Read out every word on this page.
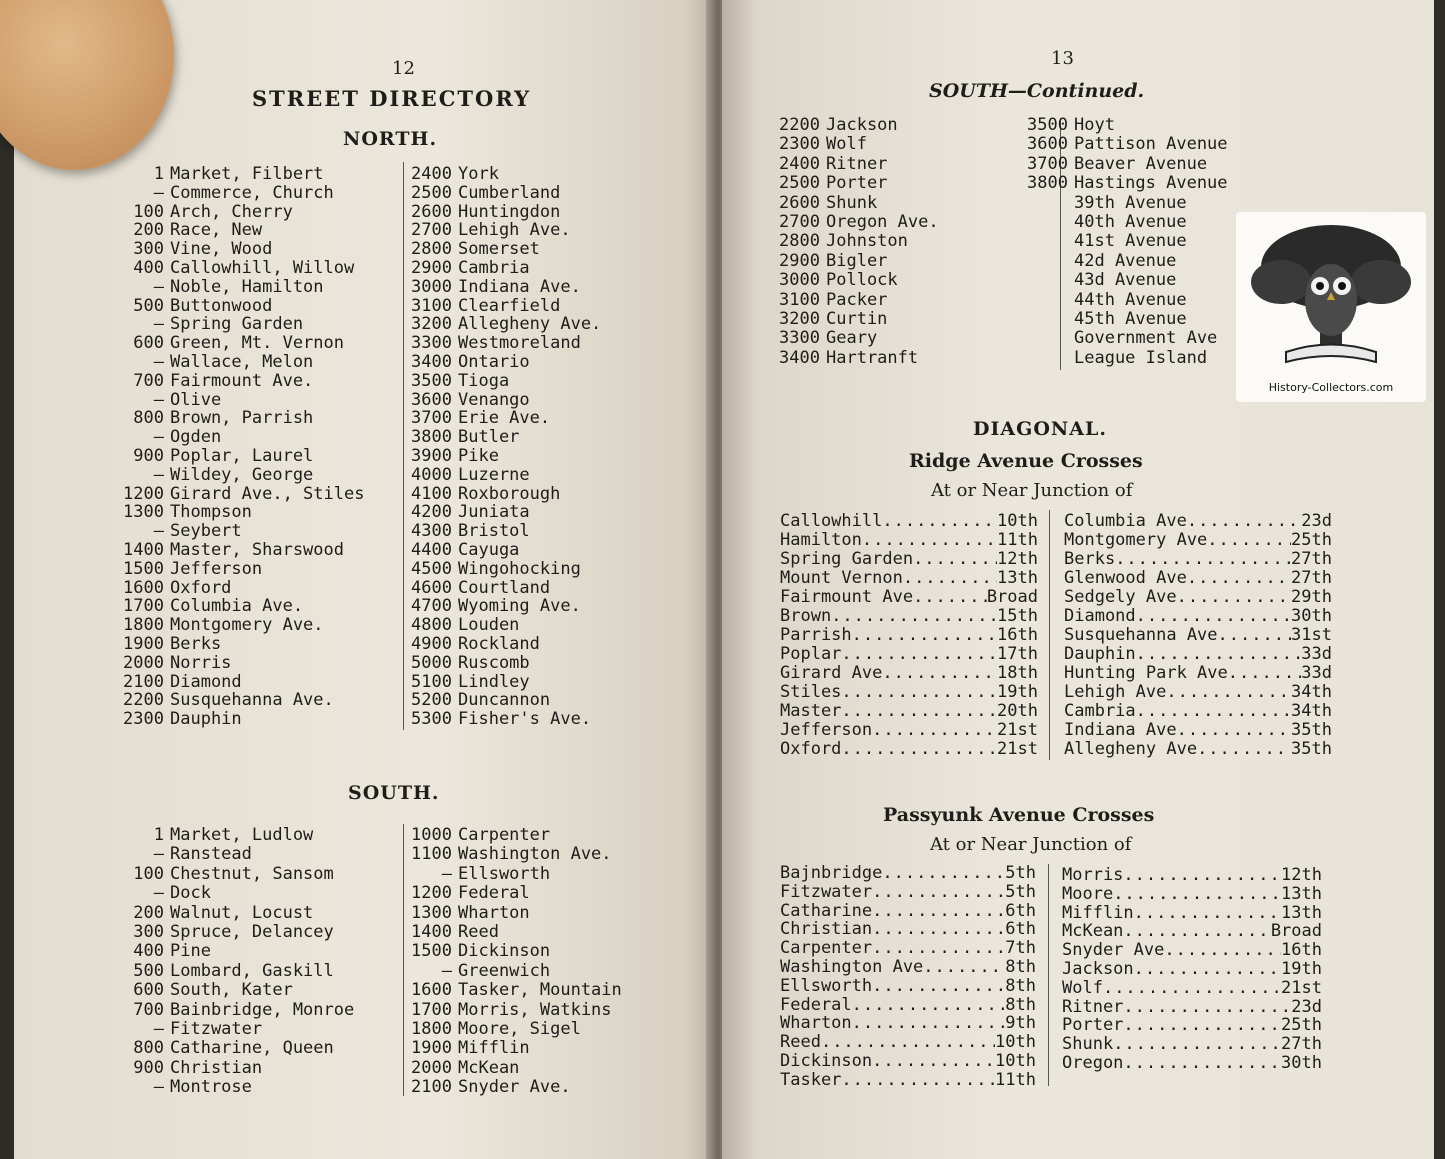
12
STREET DIRECTORY
NORTH.
1 Market, Filbert
— Commerce, Church
100 Arch, Cherry
200 Race, New
300 Vine, Wood
400 Callowhill, Willow
— Noble, Hamilton
500 Buttonwood
— Spring Garden
600 Green, Mt. Vernon
— Wallace, Melon
700 Fairmount Ave.
— Olive
800 Brown, Parrish
— Ogden
900 Poplar, Laurel
— Wildey, George
1200 Girard Ave., Stiles
1300 Thompson
— Seybert
1400 Master, Sharswood
1500 Jefferson
1600 Oxford
1700 Columbia Ave.
1800 Montgomery Ave.
1900 Berks
2000 Norris
2100 Diamond
2200 Susquehanna Ave.
2300 Dauphin
2400 York
2500 Cumberland
2600 Huntingdon
2700 Lehigh Ave.
2800 Somerset
2900 Cambria
3000 Indiana Ave.
3100 Clearfield
3200 Allegheny Ave.
3300 Westmoreland
3400 Ontario
3500 Tioga
3600 Venango
3700 Erie Ave.
3800 Butler
3900 Pike
4000 Luzerne
4100 Roxborough
4200 Juniata
4300 Bristol
4400 Cayuga
4500 Wingohocking
4600 Courtland
4700 Wyoming Ave.
4800 Louden
4900 Rockland
5000 Ruscomb
5100 Lindley
5200 Duncannon
5300 Fisher's Ave.
SOUTH.
1 Market, Ludlow
— Ranstead
100 Chestnut, Sansom
— Dock
200 Walnut, Locust
300 Spruce, Delancey
400 Pine
500 Lombard, Gaskill
600 South, Kater
700 Bainbridge, Monroe
— Fitzwater
800 Catharine, Queen
900 Christian
— Montrose
1000 Carpenter
1100 Washington Ave.
— Ellsworth
1200 Federal
1300 Wharton
1400 Reed
1500 Dickinson
— Greenwich
1600 Tasker, Mountain
1700 Morris, Watkins
1800 Moore, Sigel
1900 Mifflin
2000 McKean
2100 Snyder Ave.
13
SOUTH—Continued.
2200 Jackson
2300 Wolf
2400 Ritner
2500 Porter
2600 Shunk
2700 Oregon Ave.
2800 Johnston
2900 Bigler
3000 Pollock
3100 Packer
3200 Curtin
3300 Geary
3400 Hartranft
3500 Hoyt
3600 Pattison Avenue
3700 Beaver Avenue
3800 Hastings Avenue
39th Avenue
40th Avenue
41st Avenue
42d Avenue
43d Avenue
44th Avenue
45th Avenue
Government Ave
League Island
DIAGONAL.
Ridge Avenue Crosses
At or Near Junction of
Callowhill .....	10th
Hamilton .....	11th
Spring Garden .....	12th
Mount Vernon .....	13th
Fairmount Ave .....	Broad
Brown .....	15th
Parrish .....	16th
Poplar .....	17th
Girard Ave .....	18th
Stiles .....	19th
Master .....	20th
Jefferson .....	21st
Oxford .....	21st
Columbia Ave .....	23d
Montgomery Ave .....	25th
Berks .....	27th
Glenwood Ave .....	27th
Sedgely Ave .....	29th
Diamond .....	30th
Susquehanna Ave .....	31st
Dauphin .....	33d
Hunting Park Ave .....	33d
Lehigh Ave .....	34th
Cambria .....	34th
Indiana Ave .....	35th
Allegheny Ave .....	35th
Passyunk Avenue Crosses
At or Near Junction of
Bajnbridge .....	5th
Fitzwater .....	5th
Catharine .....	6th
Christian .....	6th
Carpenter .....	7th
Washington Ave .....	8th
Ellsworth .....	8th
Federal .....	8th
Wharton .....	9th
Reed .....	10th
Dickinson .....	10th
Tasker .....	11th
Morris .....	12th
Moore .....	13th
Mifflin .....	13th
McKean .....	Broad
Snyder Ave .....	16th
Jackson .....	19th
Wolf .....	21st
Ritner .....	23d
Porter .....	25th
Shunk .....	27th
Oregon .....	30th
History-Collectors.com
